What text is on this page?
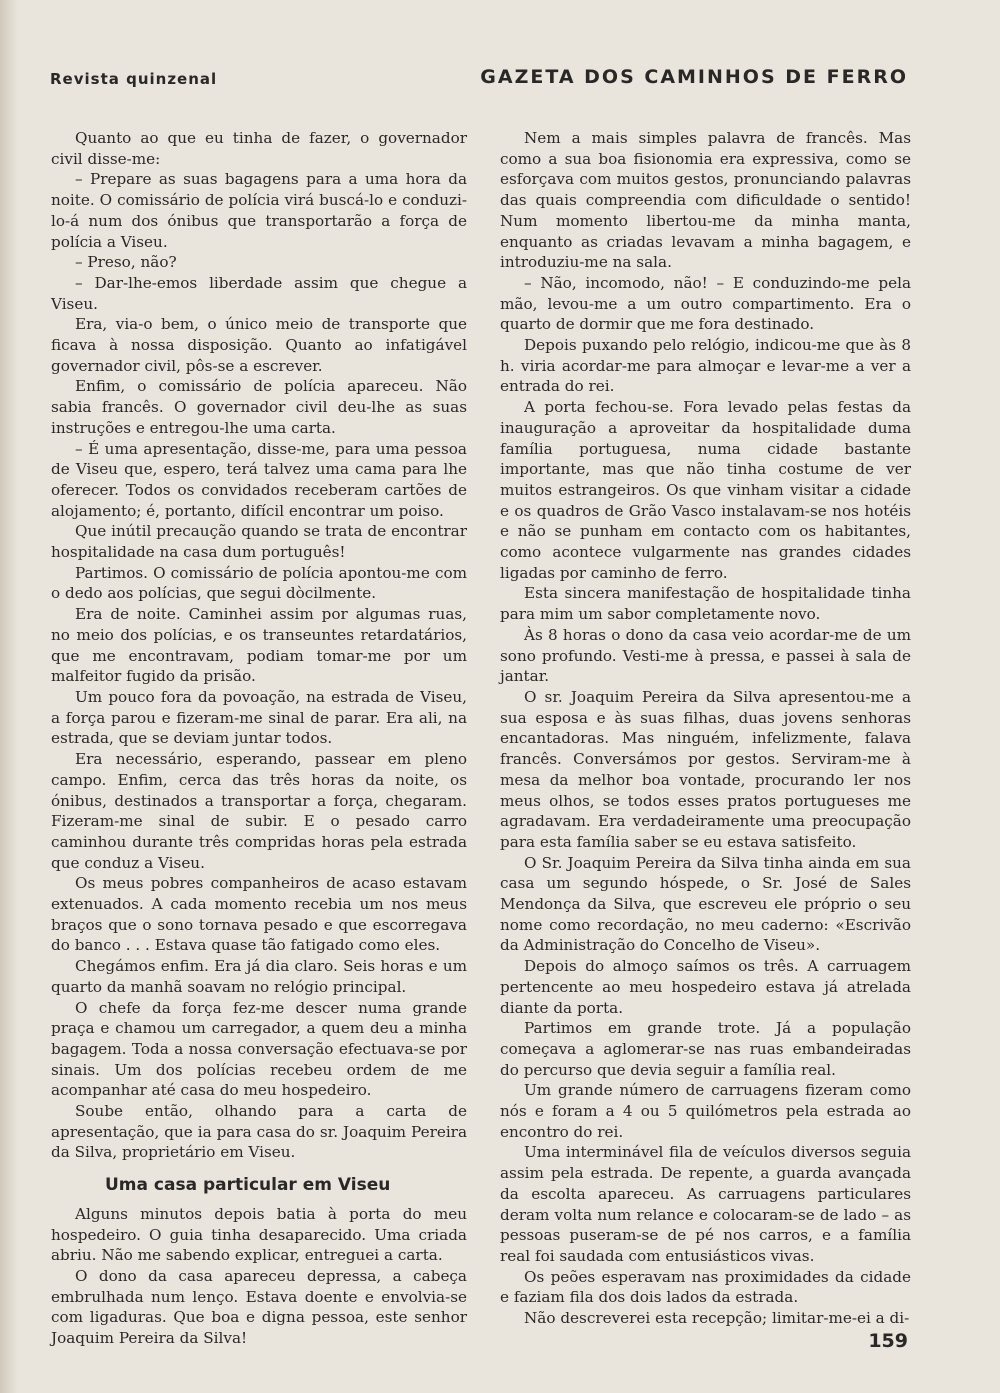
Revista quinzenal	GAZETA DOS CAMINHOS DE FERRO

Quanto ao que eu tinha de fazer, o governador civil disse-me:

– Prepare as suas bagagens para a uma hora da noite. O comissário de polícia virá buscá-lo e conduzi-lo-á num dos ónibus que transportarão a força de polícia a Viseu.

– Preso, não?

– Dar-lhe-emos liberdade assim que chegue a Viseu.

Era, via-o bem, o único meio de transporte que ficava à nossa disposição. Quanto ao infatigável governador civil, pôs-se a escrever.

Enfim, o comissário de polícia apareceu. Não sabia francês. O governador civil deu-lhe as suas instruções e entregou-lhe uma carta.

– É uma apresentação, disse-me, para uma pessoa de Viseu que, espero, terá talvez uma cama para lhe oferecer. Todos os convidados receberam cartões de alojamento; é, portanto, difícil encontrar um poiso.

Que inútil precaução quando se trata de encontrar hospitalidade na casa dum português!

Partimos. O comissário de polícia apontou-me com o dedo aos polícias, que segui dòcilmente.

Era de noite. Caminhei assim por algumas ruas, no meio dos polícias, e os transeuntes retardatários, que me encontravam, podiam tomar-me por um malfeitor fugido da prisão.

Um pouco fora da povoação, na estrada de Viseu, a força parou e fizeram-me sinal de parar. Era ali, na estrada, que se deviam juntar todos.

Era necessário, esperando, passear em pleno campo. Enfim, cerca das três horas da noite, os ónibus, destinados a transportar a força, chegaram. Fizeram-me sinal de subir. E o pesado carro caminhou durante três compridas horas pela estrada que conduz a Viseu.

Os meus pobres companheiros de acaso estavam extenuados. A cada momento recebia um nos meus braços que o sono tornava pesado e que escorregava do banco . . . Estava quase tão fatigado como eles.

Chegámos enfim. Era já dia claro. Seis horas e um quarto da manhã soavam no relógio principal.

O chefe da força fez-me descer numa grande praça e chamou um carregador, a quem deu a minha bagagem. Toda a nossa conversação efectuava-se por sinais. Um dos polícias recebeu ordem de me acompanhar até casa do meu hospedeiro.

Soube então, olhando para a carta de apresentação, que ia para casa do sr. Joaquim Pereira da Silva, proprietário em Viseu.

Uma casa particular em Viseu

Alguns minutos depois batia à porta do meu hospedeiro. O guia tinha desaparecido. Uma criada abriu. Não me sabendo explicar, entreguei a carta.

O dono da casa apareceu depressa, a cabeça embrulhada num lenço. Estava doente e envolvia-se com ligaduras. Que boa e digna pessoa, este senhor Joaquim Pereira da Silva!

Nem a mais simples palavra de francês. Mas como a sua boa fisionomia era expressiva, como se esforçava com muitos gestos, pronunciando palavras das quais compreendia com dificuldade o sentido! Num momento libertou-me da minha manta, enquanto as criadas levavam a minha bagagem, e introduziu-me na sala.

– Não, incomodo, não! – E conduzindo-me pela mão, levou-me a um outro compartimento. Era o quarto de dormir que me fora destinado.

Depois puxando pelo relógio, indicou-me que às 8 h. viria acordar-me para almoçar e levar-me a ver a entrada do rei.

A porta fechou-se. Fora levado pelas festas da inauguração a aproveitar da hospitalidade duma família portuguesa, numa cidade bastante importante, mas que não tinha costume de ver muitos estrangeiros. Os que vinham visitar a cidade e os quadros de Grão Vasco instalavam-se nos hotéis e não se punham em contacto com os habitantes, como acontece vulgarmente nas grandes cidades ligadas por caminho de ferro.

Esta sincera manifestação de hospitalidade tinha para mim um sabor completamente novo.

Às 8 horas o dono da casa veio acordar-me de um sono profundo. Vesti-me à pressa, e passei à sala de jantar.

O sr. Joaquim Pereira da Silva apresentou-me a sua esposa e às suas filhas, duas jovens senhoras encantadoras. Mas ninguém, infelizmente, falava francês. Conversámos por gestos. Serviram-me à mesa da melhor boa vontade, procurando ler nos meus olhos, se todos esses pratos portugueses me agradavam. Era verdadeiramente uma preocupação para esta família saber se eu estava satisfeito.

O Sr. Joaquim Pereira da Silva tinha ainda em sua casa um segundo hóspede, o Sr. José de Sales Mendonça da Silva, que escreveu ele próprio o seu nome como recordação, no meu caderno: «Escrivão da Administração do Concelho de Viseu».

Depois do almoço saímos os três. A carruagem pertencente ao meu hospedeiro estava já atrelada diante da porta.

Partimos em grande trote. Já a população começava a aglomerar-se nas ruas embandeiradas do percurso que devia seguir a família real.

Um grande número de carruagens fizeram como nós e foram a 4 ou 5 quilómetros pela estrada ao encontro do rei.

Uma interminável fila de veículos diversos seguia assim pela estrada. De repente, a guarda avançada da escolta apareceu. As carruagens particulares deram volta num relance e colocaram-se de lado – as pessoas puseram-se de pé nos carros, e a família real foi saudada com entusiásticos vivas.

Os peões esperavam nas proximidades da cidade e faziam fila dos dois lados da estrada.

Não descreverei esta recepção; limitar-me-ei a di-

159
